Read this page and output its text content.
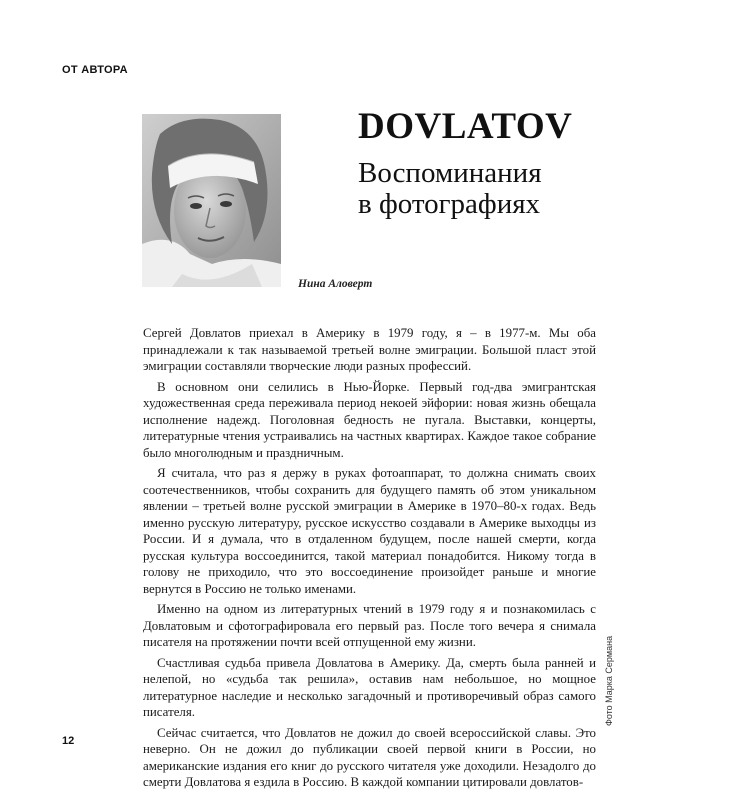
ОТ АВТОРА
Нина Аловерт
DOVLATOV
Воспоминания
в фотографиях

Сергей Довлатов приехал в Америку в 1979 году, я – в 1977-м. Мы оба принадлежали к так называемой третьей волне эмиграции. Большой пласт этой эмиграции составляли творческие люди разных профессий.

В основном они селились в Нью-Йорке. Первый год-два эмигрантская художественная среда переживала период некоей эйфории: новая жизнь обещала исполнение надежд. Поголовная бедность не пугала. Выставки, концерты, литературные чтения устраивались на частных квартирах. Каждое такое собрание было многолюдным и праздничным.

Я считала, что раз я держу в руках фотоаппарат, то должна снимать своих соотечественников, чтобы сохранить для будущего память об этом уникальном явлении – третьей волне русской эмиграции в Америке в 1970–80-х годах. Ведь именно русскую литературу, русское искусство создавали в Америке выходцы из России. И я думала, что в отдаленном будущем, после нашей смерти, когда русская культура воссоединится, такой материал понадобится. Никому тогда в голову не приходило, что это воссоединение произойдет раньше и многие вернутся в Россию не только именами.

Именно на одном из литературных чтений в 1979 году я и познакомилась с Довлатовым и сфотографировала его первый раз. После того вечера я снимала писателя на протяжении почти всей отпущенной ему жизни.

Счастливая судьба привела Довлатова в Америку. Да, смерть была ранней и нелепой, но «судьба так решила», оставив нам небольшое, но мощное литературное наследие и несколько загадочный и противоречивый образ самого писателя.

Сейчас считается, что Довлатов не дожил до своей всероссийской славы. Это неверно. Он не дожил до публикации своей первой книги в России, но американские издания его книг до русского читателя уже доходили. Незадолго до смерти Довлатова я ездила в Россию. В каждой компании цитировали довлатов-

Фото Марка Сермана
12
